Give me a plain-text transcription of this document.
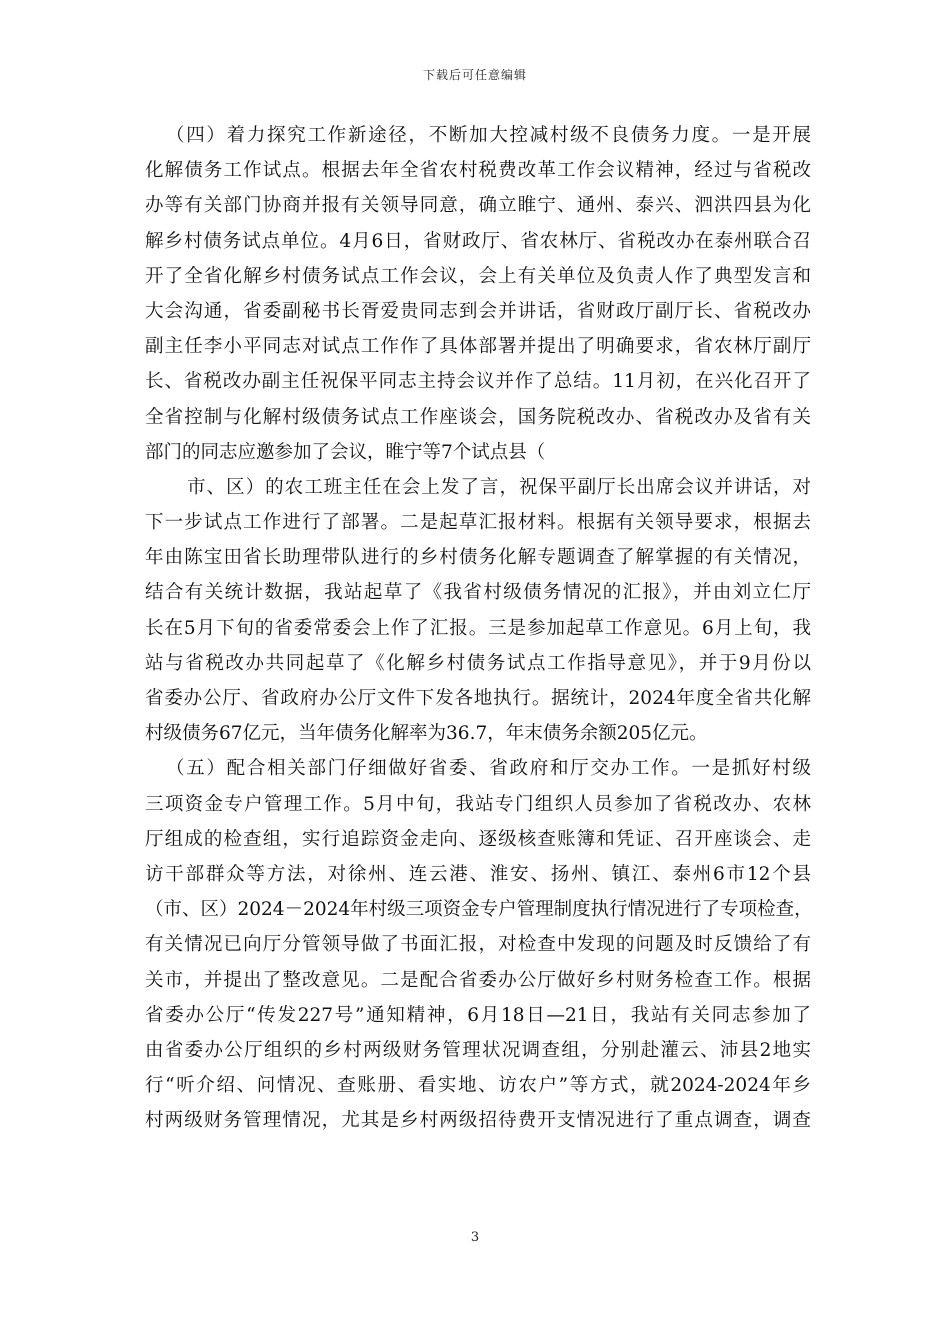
下载后可任意编辑
（四）着力探究工作新途径，不断加大控减村级不良债务力度。一是开展
化解债务工作试点。根据去年全省农村税费改革工作会议精神，经过与省税改
办等有关部门协商并报有关领导同意，确立睢宁、通州、泰兴、泗洪四县为化
解乡村债务试点单位。4月6日，省财政厅、省农林厅、省税改办在泰州联合召
开了全省化解乡村债务试点工作会议，会上有关单位及负责人作了典型发言和
大会沟通，省委副秘书长胥爱贵同志到会并讲话，省财政厅副厅长、省税改办
副主任李小平同志对试点工作作了具体部署并提出了明确要求，省农林厅副厅
长、省税改办副主任祝保平同志主持会议并作了总结。11月初，在兴化召开了
全省控制与化解村级债务试点工作座谈会，国务院税改办、省税改办及省有关
部门的同志应邀参加了会议，睢宁等7个试点县（
市、区）的农工班主任在会上发了言，祝保平副厅长出席会议并讲话，对
下一步试点工作进行了部署。二是起草汇报材料。根据有关领导要求，根据去
年由陈宝田省长助理带队进行的乡村债务化解专题调查了解掌握的有关情况，
结合有关统计数据，我站起草了《我省村级债务情况的汇报》，并由刘立仁厅
长在5月下旬的省委常委会上作了汇报。三是参加起草工作意见。6月上旬，我
站与省税改办共同起草了《化解乡村债务试点工作指导意见》，并于9月份以
省委办公厅、省政府办公厅文件下发各地执行。据统计，2024年度全省共化解
村级债务67亿元，当年债务化解率为36.7，年末债务余额205亿元。
（五）配合相关部门仔细做好省委、省政府和厅交办工作。一是抓好村级
三项资金专户管理工作。5月中旬，我站专门组织人员参加了省税改办、农林
厅组成的检查组，实行追踪资金走向、逐级核查账簿和凭证、召开座谈会、走
访干部群众等方法，对徐州、连云港、淮安、扬州、镇江、泰州6市12个县
（市、区）2024－2024年村级三项资金专户管理制度执行情况进行了专项检查，
有关情况已向厅分管领导做了书面汇报，对检查中发现的问题及时反馈给了有
关市，并提出了整改意见。二是配合省委办公厅做好乡村财务检查工作。根据
省委办公厅“传发227号”通知精神，6月18日—21日，我站有关同志参加了
由省委办公厅组织的乡村两级财务管理状况调查组，分别赴灌云、沛县2地实
行“听介绍、问情况、查账册、看实地、访农户”等方式，就2024-2024年乡
村两级财务管理情况，尤其是乡村两级招待费开支情况进行了重点调查，调查
3
